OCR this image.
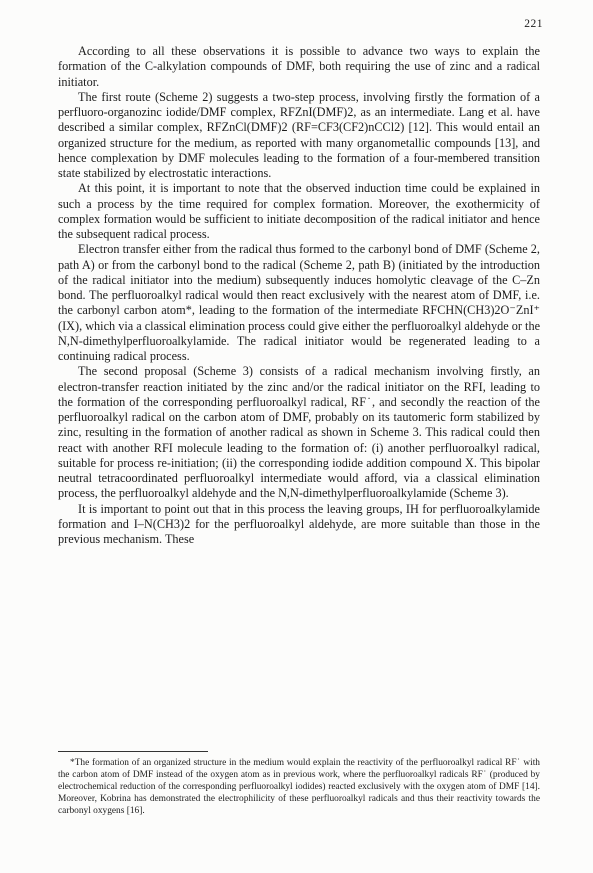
221

According to all these observations it is possible to advance two ways to explain the formation of the C-alkylation compounds of DMF, both requiring the use of zinc and a radical initiator.

The first route (Scheme 2) suggests a two-step process, involving firstly the formation of a perfluoro-organozinc iodide/DMF complex, RFZnI(DMF)2, as an intermediate. Lang et al. have described a similar complex, RFZnCl(DMF)2 (RF=CF3(CF2)nCCl2) [12]. This would entail an organized structure for the medium, as reported with many organometallic compounds [13], and hence complexation by DMF molecules leading to the formation of a four-membered transition state stabilized by electrostatic interactions.

At this point, it is important to note that the observed induction time could be explained in such a process by the time required for complex formation. Moreover, the exothermicity of complex formation would be sufficient to initiate decomposition of the radical initiator and hence the subsequent radical process.

Electron transfer either from the radical thus formed to the carbonyl bond of DMF (Scheme 2, path A) or from the carbonyl bond to the radical (Scheme 2, path B) (initiated by the introduction of the radical initiator into the medium) subsequently induces homolytic cleavage of the C–Zn bond. The perfluoroalkyl radical would then react exclusively with the nearest atom of DMF, i.e. the carbonyl carbon atom*, leading to the formation of the intermediate RFCHN(CH3)2O⁻ZnI⁺ (IX), which via a classical elimination process could give either the perfluoroalkyl aldehyde or the N,N-dimethylperfluoroalkylamide. The radical initiator would be regenerated leading to a continuing radical process.

The second proposal (Scheme 3) consists of a radical mechanism involving firstly, an electron-transfer reaction initiated by the zinc and/or the radical initiator on the RFI, leading to the formation of the corresponding perfluoroalkyl radical, RF˙, and secondly the reaction of the perfluoroalkyl radical on the carbon atom of DMF, probably on its tautomeric form stabilized by zinc, resulting in the formation of another radical as shown in Scheme 3. This radical could then react with another RFI molecule leading to the formation of: (i) another perfluoroalkyl radical, suitable for process re-initiation; (ii) the corresponding iodide addition compound X. This bipolar neutral tetracoordinated perfluoroalkyl intermediate would afford, via a classical elimination process, the perfluoroalkyl aldehyde and the N,N-dimethylperfluoroalkylamide (Scheme 3).

It is important to point out that in this process the leaving groups, IH for perfluoroalkylamide formation and I–N(CH3)2 for the perfluoroalkyl aldehyde, are more suitable than those in the previous mechanism. These

*The formation of an organized structure in the medium would explain the reactivity of the perfluoroalkyl radical RF˙ with the carbon atom of DMF instead of the oxygen atom as in previous work, where the perfluoroalkyl radicals RF˙ (produced by electrochemical reduction of the corresponding perfluoroalkyl iodides) reacted exclusively with the oxygen atom of DMF [14]. Moreover, Kobrina has demonstrated the electrophilicity of these perfluoroalkyl radicals and thus their reactivity towards the carbonyl oxygens [16].
